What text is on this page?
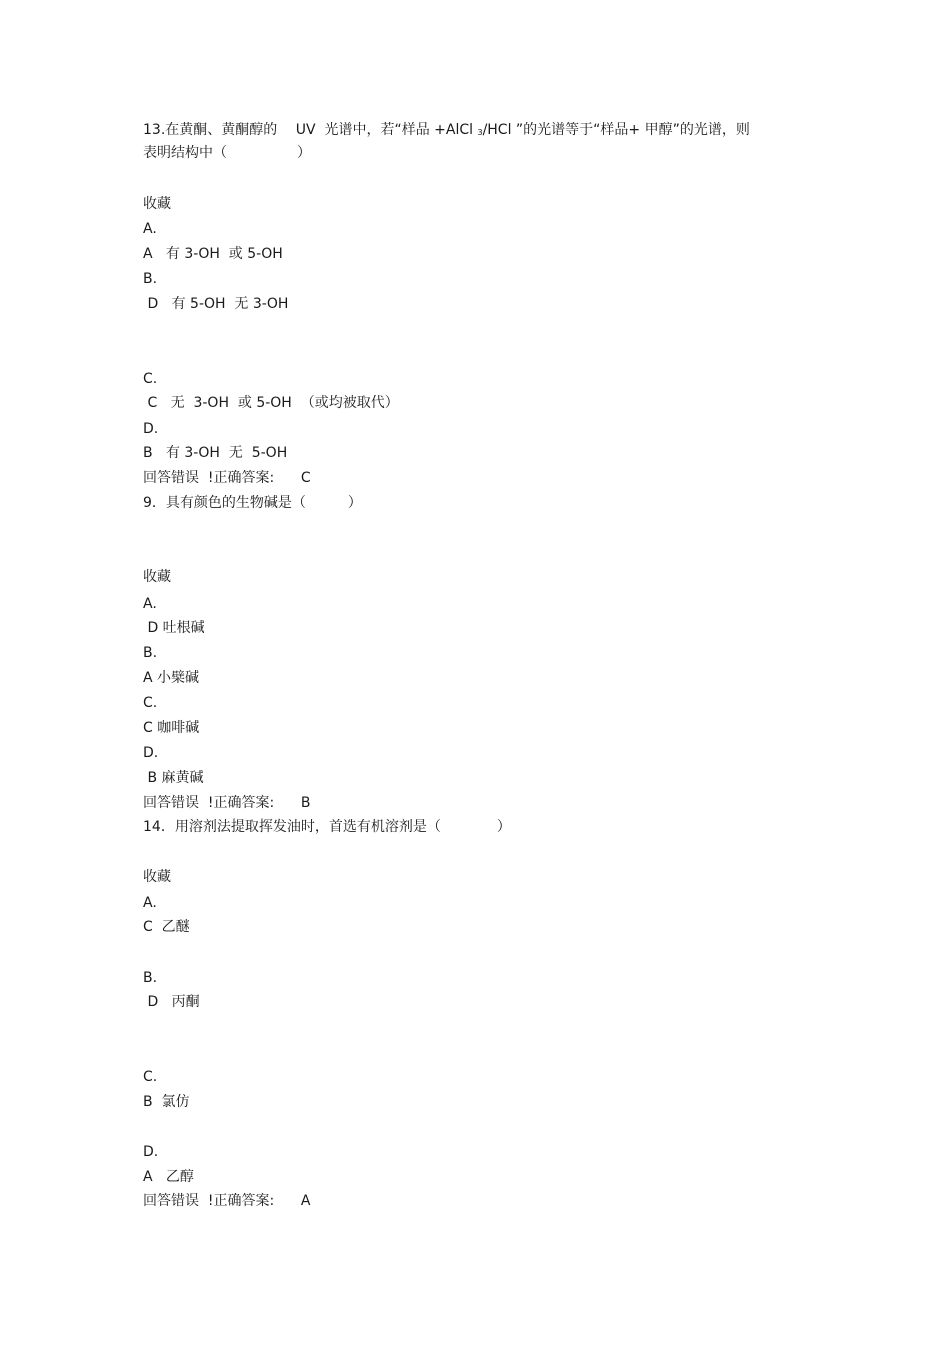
13.在黄酮、黄酮醇的　 UV  光谱中，若“样品 +AlCl 3/HCl ”的光谱等于“样品+ 甲醇”的光谱，则
表明结构中（　　　　　）
收藏
A.
A   有 3-OH  或 5-OH
B.
D   有 5-OH  无 3-OH
C.
C   无  3-OH  或 5-OH  （或均被取代）
D.
B   有 3-OH  无  5-OH
回答错误  !正确答案:      C
9．具有颜色的生物碱是（　　　）
收藏
A.
D 吐根碱
B.
A 小檗碱
C.
C 咖啡碱
D.
B 麻黄碱
回答错误  !正确答案:      B
14．用溶剂法提取挥发油时，首选有机溶剂是（　　　　）
收藏
A.
C  乙醚
B.
D   丙酮
C.
B  氯仿
D.
A   乙醇
回答错误  !正确答案:      A
